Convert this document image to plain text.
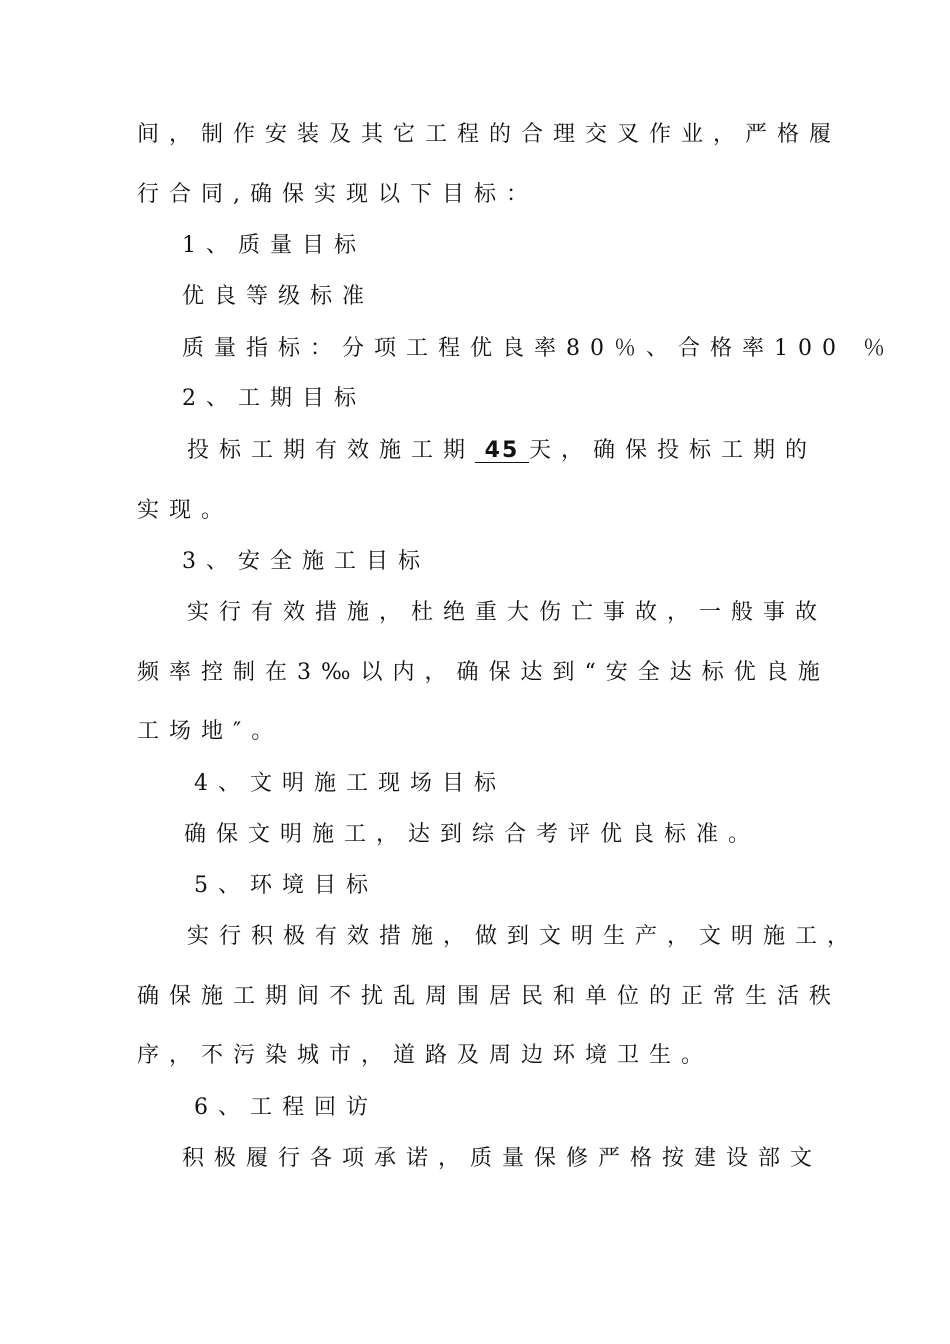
间，制作安装及其它工程的合理交叉作业，严格履
行合同,确保实现以下目标：
1、质量目标
优良等级标准
质量指标：分项工程优良率80％、合格率100 ％
2、工期目标
投标工期有效施工期 45 天，确保投标工期的
实现。
3、安全施工目标
实行有效措施，杜绝重大伤亡事故，一般事故
频率控制在3‰以内，确保达到“安全达标优良施
工场地″。
4、文明施工现场目标
确保文明施工，达到综合考评优良标准。
5、环境目标
实行积极有效措施，做到文明生产，文明施工，
确保施工期间不扰乱周围居民和单位的正常生活秩
序，不污染城市，道路及周边环境卫生。
6、工程回访
积极履行各项承诺，质量保修严格按建设部文
